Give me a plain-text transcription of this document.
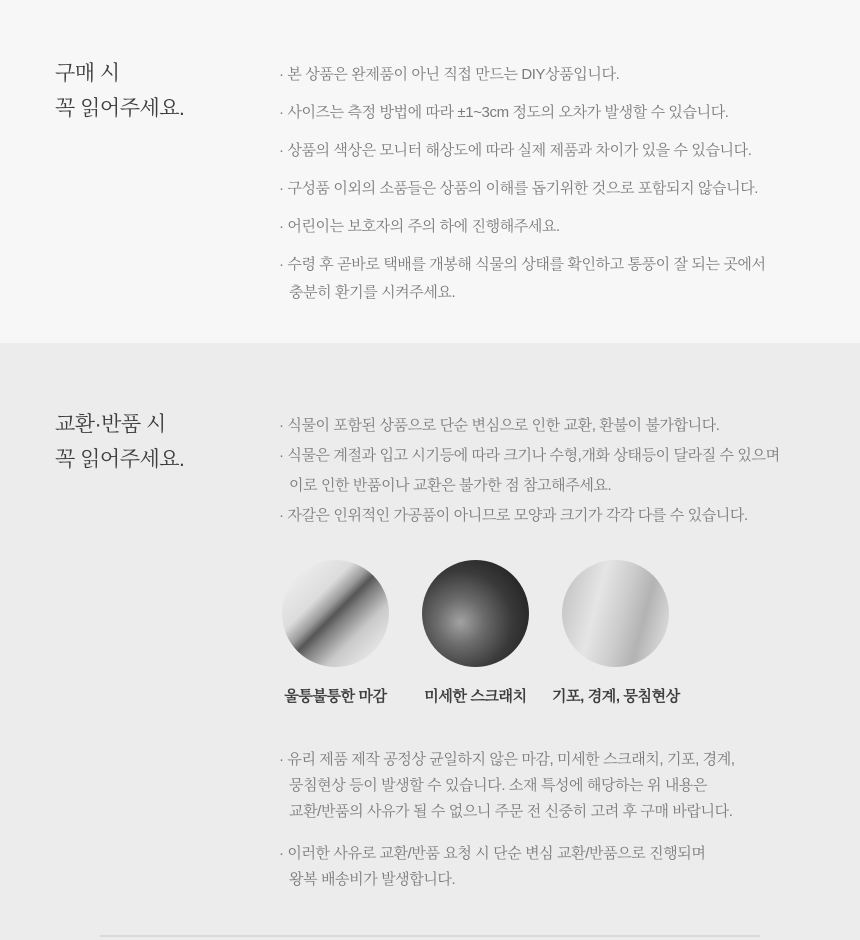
구매 시
꼭 읽어주세요.

· 본 상품은 완제품이 아닌 직접 만드는 DIY상품입니다.

· 사이즈는 측정 방법에 따라 ±1~3cm 정도의 오차가 발생할 수 있습니다.

· 상품의 색상은 모니터 해상도에 따라 실제 제품과 차이가 있을 수 있습니다.

· 구성품 이외의 소품들은 상품의 이해를 돕기위한 것으로 포함되지 않습니다.

· 어린이는 보호자의 주의 하에 진행해주세요.

· 수령 후 곧바로 택배를 개봉해 식물의 상태를 확인하고 통풍이 잘 되는 곳에서
충분히 환기를 시켜주세요.

교환·반품 시
꼭 읽어주세요.

· 식물이 포함된 상품으로 단순 변심으로 인한 교환, 환불이 불가합니다.

· 식물은 계절과 입고 시기등에 따라 크기나 수형,개화 상태등이 달라질 수 있으며
이로 인한 반품이나 교환은 불가한 점 참고해주세요.

· 자갈은 인위적인 가공품이 아니므로 모양과 크기가 각각 다를 수 있습니다.

울퉁불퉁한 마감	미세한 스크래치 기포, 경계, 뭉침현상

· 유리 제품 제작 공정상 균일하지 않은 마감, 미세한 스크래치, 기포, 경계,
뭉침현상 등이 발생할 수 있습니다. 소재 특성에 해당하는 위 내용은
교환/반품의 사유가 될 수 없으니 주문 전 신중히 고려 후 구매 바랍니다.

· 이러한 사유로 교환/반품 요청 시 단순 변심 교환/반품으로 진행되며
왕복 배송비가 발생합니다.
